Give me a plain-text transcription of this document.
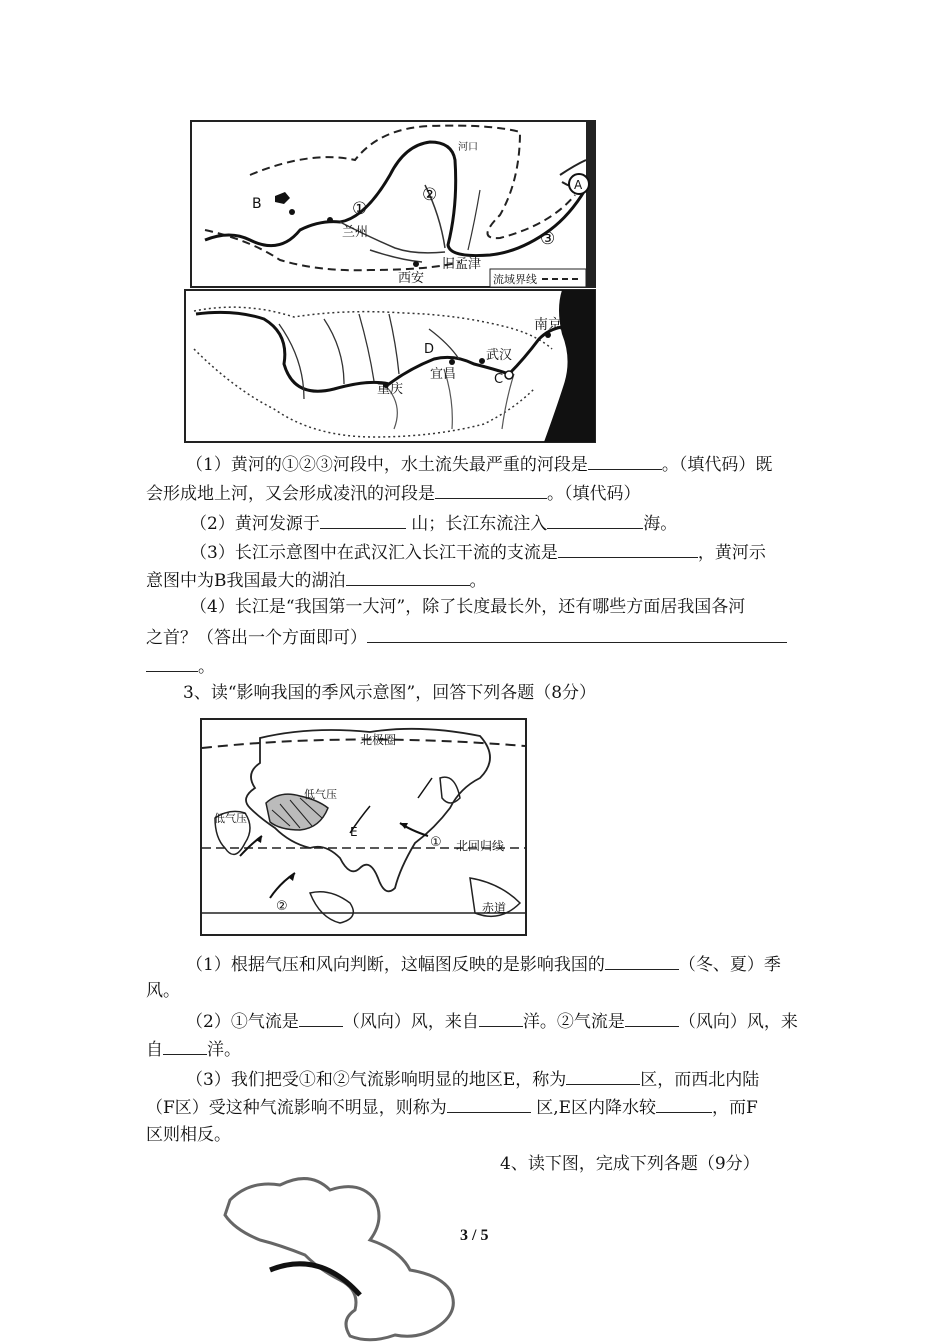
B	①
②
③
河口
A
兰州
西安
旧孟津
流域界线
南京
D	武汉
宜昌	C
重庆
（1）黄河的①②③河段中，水土流失最严重的河段是	。（填代码）既
会形成地上河，又会形成凌汛的河段是	。（填代码）
（2）黄河发源于	山；长江东流注入	海。
（3）长江示意图中在武汉汇入长江干流的支流是	，黄河示
意图中为B我国最大的湖泊	。
（4）长江是“我国第一大河”，除了长度最长外，还有哪些方面居我国各河
之首？（答出一个方面即可）
。
3、读“影响我国的季风示意图”，回答下列各题（8分）
北极圈
低气压
低气压
E
① 北回归线
②	赤道
（1）根据气压和风向判断，这幅图反映的是影响我国的	（冬、夏）季
风。
（2）①气流是	（风向）风，来自	洋。②气流是	（风向）风，来
自	洋。
（3）我们把受①和②气流影响明显的地区E，称为	区，而西北内陆
（F区）受这种气流影响不明显，则称为	区,E区内降水较	，而F
区则相反。
4、读下图，完成下列各题（9分）
3 / 5
